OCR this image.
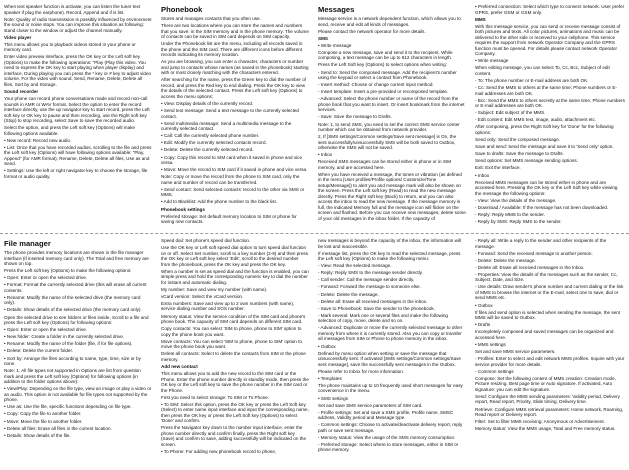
When text speaker function is activate, you can listen the tuner text speaker if plug the earphone). Record, Append and if is list.

Note: Quality of radio transmission is possibly influenced by environment the sound or noise stops. You can improve this situation as following: stand closer to the window or adjust the channel manually.

Video player

This menu allows you to playback videos stored in your phone or memory card.

Enter video preview interface, press the OK key or the Left soft key (Options) to make the following operations: "Play (Play this video. You need to express the OK key to start playing when player display) and interface, During playing you can press the * key or # key to adjust video volume. For the video with sound, Send, Rename, Delete, Delete all files, Sort by and Storage.

Sound recorder

Your phone can record phone conversations made and record non-call sounds in AMR or WAV format. Select the option to enter the record interface directly, use the up navigator key to start record, press the Left soft key or OK key to pause and then recording, use the Right soft key (Stop) to stop recording, select Save to save the recorded audio.

Select the option, and press the Left soft key (Options) will make following options available.

• New record: Record new audio.

• List: Once that you have recorded audios, scrolling to the file and press the Left soft key (Options) will have following options available: "Play, Append" (for AMR format), Rename, Delete, Delete all files, Use as and Send.

• Settings: Use the left or right navigator key to choose the storage, file format or audio quality.

Phonebook

Stores and manages contacts that you often use.

There are two locations where you can store the names and numbers that you save: in the SIM memory and in the phone memory. The volume of contacts can be saved in SIM card depends on SIM capacity.

Under the Phonebook list are the menu, including all records saved in the phone and the SIM card. There are different icons before different records indicating its memory location.

As you are browsing, you can enter a character, characters or number and jump to contacts whose names (as saved in the phonebook) starting with or most closely matching with the characters entered.

After searching for the name, press the Green key to dial the number of record, and press the Red key to end dialing. Press the OK key to view the details of the selected contact. Press the Left soft key (Options) to access the menu options:

• View: Display details of the currently record.

• Send text message: Send a text message to the currently selected contact.

• Send multimedia message: Send a multimedia message to the currently selected contact.

• Call: Call the currently selected phone number.

• Edit: Modify the currently selected contacts record.

• Delete: Delete the currently selected record.

• Copy: Copy this record to SIM card when it saved in phone and vice versa.

• Move: Move the record to SIM card if it saved in phone and vice versa.

Note: Copy or move the record from the phone to SIM card, only the name and number of record can be transferred.

• Send contact: Send selected contacts' record to the other via SMS or MMS.

• Add to Blacklist: Add the phone number to the black list.

Phonebook settings

Preferred storage: Set default memory location to SIM or phone for saving new contacts.

Messages

Message service is a network dependent function, which allows you to send, receive and edit all kinds of messages.

Please contact the network operator for more details.

SMS

• Write message

Compose a new message, save and send it to the recipient. While composing, a text message can be up to 612 characters in length.

Press the Left Soft key (Options) to select options when writing:

- Send to: Send the composed message. Add the recipient's number using the keypad or select a contact from Phonebook.

- Insert method: Choose or change current input method.

- Insert template: Insert a pre-provided or recomposed template.

- Advanced: Select the phone number or name of the record from the phone book that you want to insert. Or insert bookmark from the internet services.

- Save: Save the message to Drafts.

Note: 1, to send SMS, you need to set the correct SMS service center number which can be obtained from network provider.

2, If [SMS settings/Common settings/Save sent message] is On, the sent successfully/unsuccessfully SMS will be both saved to Outbox, otherwise the SMS will not be saved.

• Inbox

Received SMS messages can be stored either in phone or in SIM memory, and are accessed here.

When you have received a message, the tones or vibration (as defined in the menu [User profiles/Profile options/ Customize/Tone setup/Message]) to alert you and message mark will also be shown on the screen. Press the Left soft key (Read) to read the new message directly. Press the Right soft key (Back) to return, and you can also access the inbox to read the new message. If the message memory is full, the indicated Memory full and the message icon will flicker on the screen and flashed. Before you can receive new messages, delete some of your old messages in the inbox folder. If the capacity of

• Preferred connection: Select which type to connect network. User prefer GPRS, prefer GSM or GSM only.

MMS

With this message service, you can send or receive message consist of both pictures and texts. All color pictures, animations and music can be delivered to the other side or received to your cellphone. This service requires the support from network Operator Company and the GPRS function must be opened. For details please contact network Operator Company.

• Write message

When editing message, you can select To, Cc, Bcc, Subject of edit content.

- To: The phone number or E-mail address are both OK.

- Cc: Send the MMS to others at the same time; Phone numbers or E-mail addresses are both OK.

- Bcc: Send the MMS to others secretly at the same time, Phone numbers or E-mail addresses are both OK.

- Subject: Edit subject of the MMS.

- Edit content: Edit MMS text, image, audio, attachment etc.

After composing, press the Right Soft key for 'Done' for the following options:

Send only: Send the composed message.

Save and send: Send the message and save it to 'Send only' option.

Save to drafts: Save the message to Drafts.

Send options: Set MMS message sending options.

Exit: Exit the interface.

• Inbox

Received MMS messages can be stored either in phone and are accessed here. Pressing the OK key or the Left Soft key while viewing the message the following options:

- View: View the details of the message.

- Download / Available: If the message has not been downloaded.

- Reply: Reply MMS to the sender.

- Reply by SMS: Reply SMS to the sender.

File manager

The phone provides memory locations are shown in the file manager interface (if inserted memory card only). The Total and free memory are shown on top.

Press the Left soft key (Options) to make the following options:

• Open: Enter or open the selected drive.

• Format: Format the currently selected drive (this will erase all current contents.

• Rename: Modify the name of the selected drive (the memory card only).

• Details: Show details of the selected drive (the memory card only).

Open the selected drive to see folders or files inside, Scroll to a file and press the Left soft key (Options) for following options:

• Open: Enter or open the selected drive.

• New folder: Create a folder in the currently selected drive.

• Rename: Modify the name of the folder (file, if for file options).

• Delete: Delete the current folder.

• Sort by: Arrange the files according to name, type, time, size or by none.

Note: 1. All file types not supported in Options are list from question mark and press the Left soft key (Options) for following options (in addition to the folder options above):

• View/Play: Depending on the file type, view an image or play a video or an audio. This option is not available for file types not supported by the phone.

• Use as: Use the file, specific functions depending on file type.

• Copy: Copy the file to another folder.

• Move: Move the file to another folder.

• Delete all files: Erase all files in the current location.

• Details: Show details of the file.

Speed dial: Set phone's speed dial function.

Use the OK key or Left soft speed dial option to turn speed dial function on or off. Select Set number, scroll to a key number (2-9) and then press the OK key or Left soft key select 'Edit', scroll to the desired number from the phonebook, press the OK key and press the OK key.

When a number is set as speed dial and the function is enabled, you can simple press and hold the corresponding numeric key to dial the number for instant and automatic dialing.

My number: Save and view my number (with name).

vCard version: Select the vCard version.

Extra numbers: Save and view up to 2 own numbers (with name), service dialing number and SOS number.

Memory status: View the service condition of the SIM card and phone's phone book. The capacity of SIM card depends on different SIM card.

Copy contacts: You can select 'SIM to phone, phone to SIM' option to copy the phone book you want.

Move contacts: You can select 'SIM to phone, phone to SIM' option to move the phone book you want.

Delete all contacts: Select to delete the contacts from SIM or the phone memory.

Add new contact

This menu allows you to add the new record to the SIM card or the Phone. Enter the phone number directly in standby mode, then press the OK key or the Left soft key to save the phone number in the SIM card or the Phone.

First you need to select storage: To SIM or To Phone.

• To SIM: Select this option, press the OK key or press the Left Soft key (Select) to enter name input interface and input the corresponding name, then press the OK key or press the Left Soft key (Options) to select 'Done' and confirm.

Press the Navigator key down to the number input interface, enter the phone number directly and confirm finally, press the Right soft key (Save) and confirm to save, adding successfully will be indicated on the screen.

• To Phone: For adding new phonebook record to phone,

new messages is beyond the capacity of the inbox, the information will be lost and inaccessible.

If message list, press the OK key to read the selected message, press the Left soft key (Options) to make the following menu:

- View: Read the selected message.

- Reply: Reply SMS to the message sender directly.

- Call sender: Call the message sender directly.

- Forward: Forward the message to someone else.

- Delete: Delete the message.

- Delete all: Erase all received messages in the inbox.

- Save to Phonebook: Save the sender to the phonebook.

- Mark several: Mark one or several files and make the following selection of copy, move, delete and so on.

- Advanced: Duplicate or move the currently selected message to other memory from where it is currently stored. Also you can copy or transfer all messages from SIM or Phone to phone memory in the inbox.

• Outbox

Defined by menu option when setting or save the message that unsuccessfully sent. If activated [SMS settings/Common settings/Save sent message], save the successfully sent messages in the Outbox.

Please refer to Inbox for more information.

• Templates

The phone maintains up to 10 frequently used short messages for easy convenience in the menu.

• SMS settings

Set and save SMS service parameters of SIM card.

- Profile settings: Set and save a SMS profile, Profile name, SMSC address, Validity period and Message type.

- Common settings: Choose to activate/deactivate delivery report, reply path or save sent message.

- Memory status: View the usage of the SMS memory consumption.

- Preferred storage: Select where to store messages, either in SIM or phone memory.

- Reply all: Write a reply to the sender and other recipients of the message.

- Forward: Send the received message to another person.

- Delete: Delete the message.

- Delete all: Erase all received messages in the Inbox.

- Properties: View the details of the messages such as the sender, Cc, Subject, Date, and Size.

- Use details: Draw sender's phone number and current dialing or the link of MMS to browse the internet or the E-mail, select one to save, dial or send MMS etc.

• Outbox

If files and send option is selected when sending the message, the sent MMS will be saved to Outbox.

• Drafts

Incompletely composed and saved messages can be organized and accessed here.

• MMS settings

Set and save MMS service parameters.

- Profiles: Enter to select and edit network MMS profiles. Inquire with your service provider for more details.

- Common settings

Compose: Set the following content of MMS creation: Creation mode, Picture resizing, Best page time or Auto signature. If activated, Auto signature: you can edit the signature.

Send: Configure the MMS sending parameters: Validity period, Delivery report, Read report, Priority, Slide timing, Delivery time.

Retrieve: Configure MMS retrieval parameters: Home network, Roaming, Read report or Delivery report.

Filter: Set to filter MMS receiving: Anonymous or Advertisement.

Memory status: View the MMS usage, Total and Free memory status.
